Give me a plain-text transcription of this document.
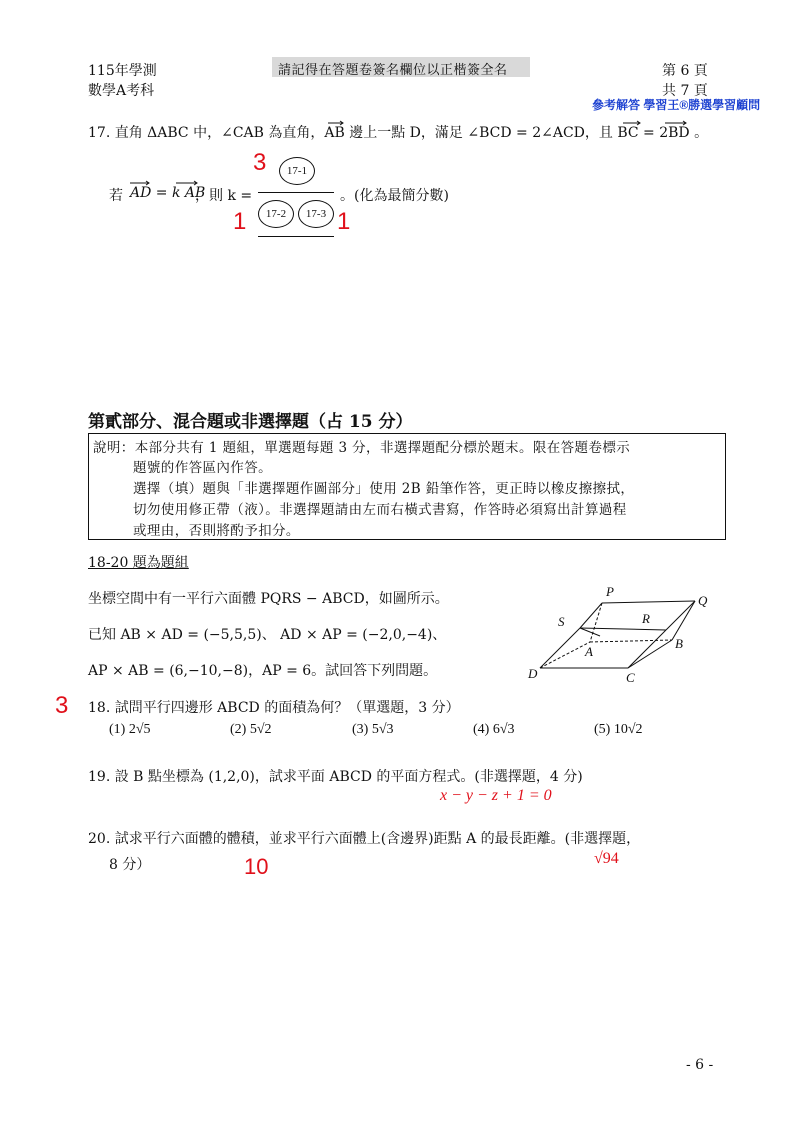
115年學測
數學A考科
請記得在答題卷簽名欄位以正楷簽全名	第 6 頁
共 7 頁
參考解答 學習王®勝選學習顧問
17. 直角 ΔABC 中，∠CAB 為直角，AB 邊上一點 D，滿足 ∠BCD = 2∠ACD，且 BC = 2BD 。
若 AD = k AB
，則 k =	。(化為最簡分數)
17-1
17-2	17-3
3
1	1
第貳部分、混合題或非選擇題（占 15 分）
說明：本部分共有 1 題組，單選題每題 3 分，非選擇題配分標於題末。限在答題卷標示
題號的作答區內作答。
選擇（填）題與「非選擇題作圖部分」使用 2B 鉛筆作答，更正時以橡皮擦擦拭，
切勿使用修正帶（液）。非選擇題請由左而右橫式書寫，作答時必須寫出計算過程
或理由，否則將酌予扣分。
18-20 題為題組
坐標空間中有一平行六面體 PQRS − ABCD，如圖所示。
已知 AB × AD = (−5,5,5)、 AD × AP = (−2,0,−4)、
AP × AB = (6,−10,−8)，AP = 6。試回答下列問題。
P
Q
S	R
A
B
D	C
3 18. 試問平行四邊形 ABCD 的面積為何？（單選題，3 分）
(1) 2√5	(2) 5√2	(3) 5√3	(4) 6√3	(5) 10√2
19. 設 B 點坐標為 (1,2,0)，試求平面 ABCD 的平面方程式。(非選擇題，4 分)
x − y − z + 1 = 0
20. 試求平行六面體的體積，並求平行六面體上(含邊界)距點 A 的最長距離。(非選擇題，
8 分）	10	√94
- 6 -
